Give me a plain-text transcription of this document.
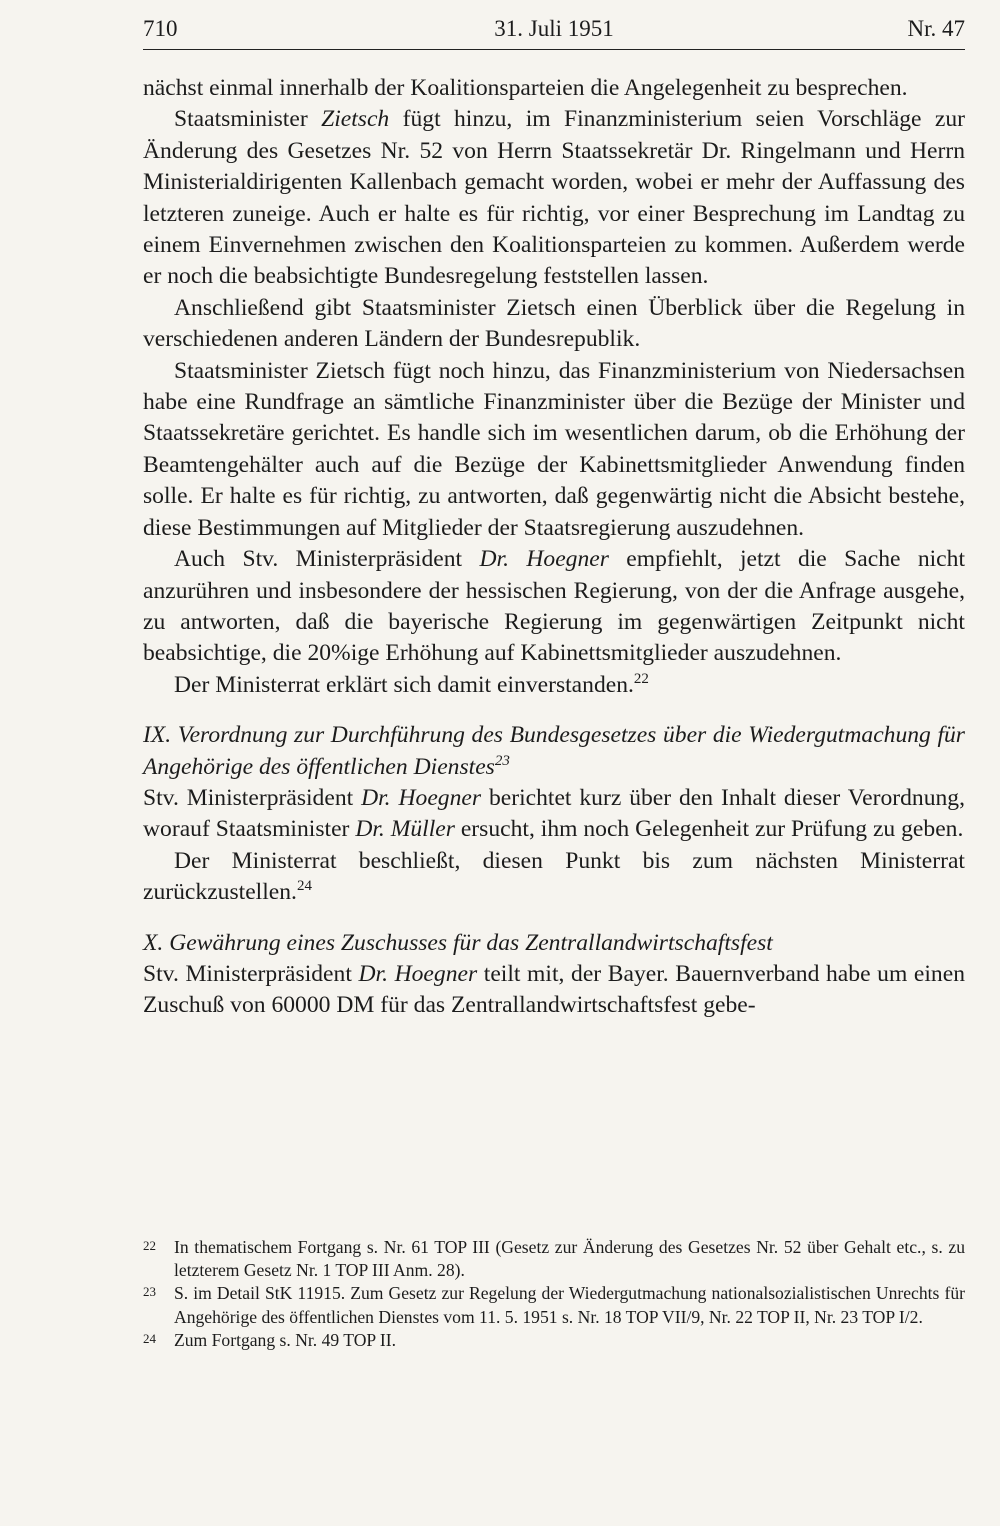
710	31. Juli 1951	Nr. 47

nächst einmal innerhalb der Koalitionsparteien die Angelegenheit zu besprechen.

Staatsminister Zietsch fügt hinzu, im Finanzministerium seien Vorschläge zur Änderung des Gesetzes Nr. 52 von Herrn Staatssekretär Dr. Ringelmann und Herrn Ministerialdirigenten Kallenbach gemacht worden, wobei er mehr der Auffassung des letzteren zuneige. Auch er halte es für richtig, vor einer Besprechung im Landtag zu einem Einvernehmen zwischen den Koalitionsparteien zu kommen. Außerdem werde er noch die beabsichtigte Bundesregelung feststellen lassen.

Anschließend gibt Staatsminister Zietsch einen Überblick über die Regelung in verschiedenen anderen Ländern der Bundesrepublik.

Staatsminister Zietsch fügt noch hinzu, das Finanzministerium von Niedersachsen habe eine Rundfrage an sämtliche Finanzminister über die Bezüge der Minister und Staatssekretäre gerichtet. Es handle sich im wesentlichen darum, ob die Erhöhung der Beamtengehälter auch auf die Bezüge der Kabinettsmitglieder Anwendung finden solle. Er halte es für richtig, zu antworten, daß gegenwärtig nicht die Absicht bestehe, diese Bestimmungen auf Mitglieder der Staatsregierung auszudehnen.

Auch Stv. Ministerpräsident Dr. Hoegner empfiehlt, jetzt die Sache nicht anzurühren und insbesondere der hessischen Regierung, von der die Anfrage ausgehe, zu antworten, daß die bayerische Regierung im gegenwärtigen Zeitpunkt nicht beabsichtige, die 20%ige Erhöhung auf Kabinettsmitglieder auszudehnen.

Der Ministerrat erklärt sich damit einverstanden.$^{22}$

IX. Verordnung zur Durchführung des Bundesgesetzes über die Wiedergutmachung für Angehörige des öffentlichen Dienstes$^{23}$

Stv. Ministerpräsident Dr. Hoegner berichtet kurz über den Inhalt dieser Verordnung, worauf Staatsminister Dr. Müller ersucht, ihm noch Gelegenheit zur Prüfung zu geben.

Der Ministerrat beschließt, diesen Punkt bis zum nächsten Ministerrat zurückzustellen.$^{24}$

X. Gewährung eines Zuschusses für das Zentrallandwirtschaftsfest

Stv. Ministerpräsident Dr. Hoegner teilt mit, der Bayer. Bauernverband habe um einen Zuschuß von 60000 DM für das Zentrallandwirtschaftsfest gebe-

22 In thematischem Fortgang s. Nr. 61 TOP III (Gesetz zur Änderung des Gesetzes Nr. 52 über Gehalt etc., s. zu letzterem Gesetz Nr. 1 TOP III Anm. 28).

23 S. im Detail StK 11915. Zum Gesetz zur Regelung der Wiedergutmachung nationalsozialistischen Unrechts für Angehörige des öffentlichen Dienstes vom 11. 5. 1951 s. Nr. 18 TOP VII/9, Nr. 22 TOP II, Nr. 23 TOP I/2.

24 Zum Fortgang s. Nr. 49 TOP II.
